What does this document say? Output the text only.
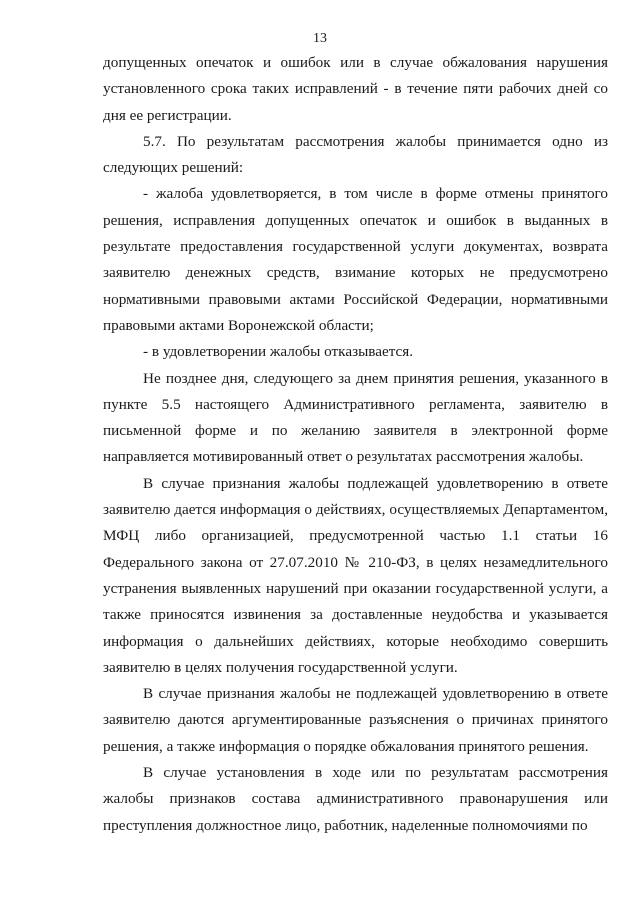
13

допущенных опечаток и ошибок или в случае обжалования нарушения установленного срока таких исправлений - в течение пяти рабочих дней со дня ее регистрации.

5.7. По результатам рассмотрения жалобы принимается одно из следующих решений:

- жалоба удовлетворяется, в том числе в форме отмены принятого решения, исправления допущенных опечаток и ошибок в выданных в результате предоставления государственной услуги документах, возврата заявителю денежных средств, взимание которых не предусмотрено нормативными правовыми актами Российской Федерации, нормативными правовыми актами Воронежской области;

- в удовлетворении жалобы отказывается.

Не позднее дня, следующего за днем принятия решения, указанного в пункте 5.5 настоящего Административного регламента, заявителю в письменной форме и по желанию заявителя в электронной форме направляется мотивированный ответ о результатах рассмотрения жалобы.

В случае признания жалобы подлежащей удовлетворению в ответе заявителю дается информация о действиях, осуществляемых Департаментом, МФЦ либо организацией, предусмотренной частью 1.1 статьи 16 Федерального закона от 27.07.2010 № 210-ФЗ, в целях незамедлительного устранения выявленных нарушений при оказании государственной услуги, а также приносятся извинения за доставленные неудобства и указывается информация о дальнейших действиях, которые необходимо совершить заявителю в целях получения государственной услуги.

В случае признания жалобы не подлежащей удовлетворению в ответе заявителю даются аргументированные разъяснения о причинах принятого решения, а также информация о порядке обжалования принятого решения.

В случае установления в ходе или по результатам рассмотрения жалобы признаков состава административного правонарушения или преступления должностное лицо, работник, наделенные полномочиями по
